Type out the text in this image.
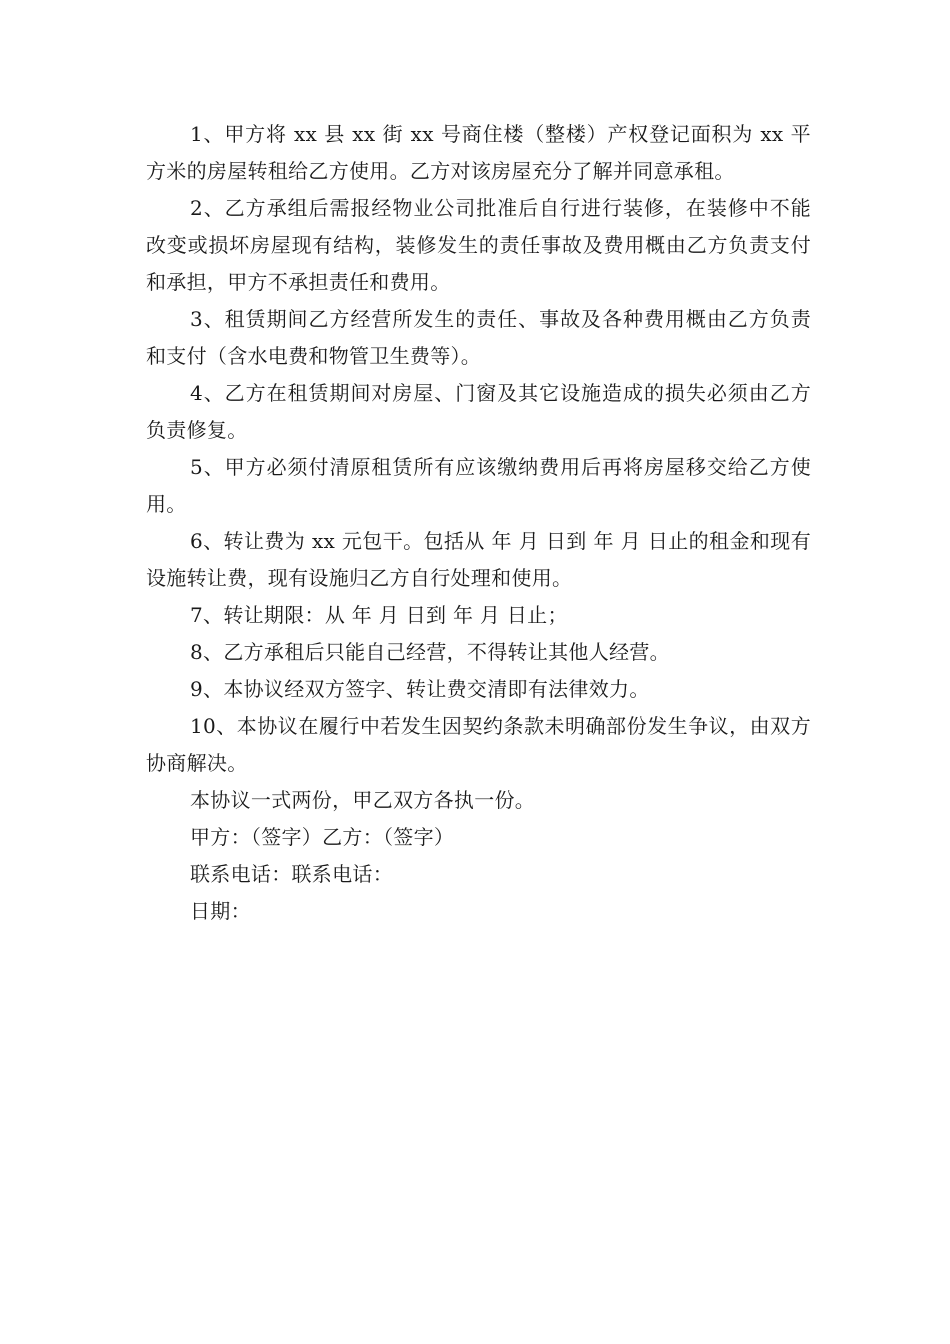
1、甲方将 xx 县 xx 街 xx 号商住楼（整楼）产权登记面积为 xx 平方米的房屋转租给乙方使用。乙方对该房屋充分了解并同意承租。

2、乙方承组后需报经物业公司批准后自行进行装修，在装修中不能改变或损坏房屋现有结构，装修发生的责任事故及费用概由乙方负责支付和承担，甲方不承担责任和费用。

3、租赁期间乙方经营所发生的责任、事故及各种费用概由乙方负责和支付（含水电费和物管卫生费等）。

4、乙方在租赁期间对房屋、门窗及其它设施造成的损失必须由乙方负责修复。

5、甲方必须付清原租赁所有应该缴纳费用后再将房屋移交给乙方使用。

6、转让费为 xx 元包干。包括从 年 月 日到 年 月 日止的租金和现有设施转让费，现有设施归乙方自行处理和使用。

7、转让期限：从 年 月 日到 年 月 日止；

8、乙方承租后只能自己经营，不得转让其他人经营。

9、本协议经双方签字、转让费交清即有法律效力。

10、本协议在履行中若发生因契约条款未明确部份发生争议，由双方协商解决。

本协议一式两份，甲乙双方各执一份。

甲方：（签字）乙方：（签字）

联系电话：联系电话：

日期：
